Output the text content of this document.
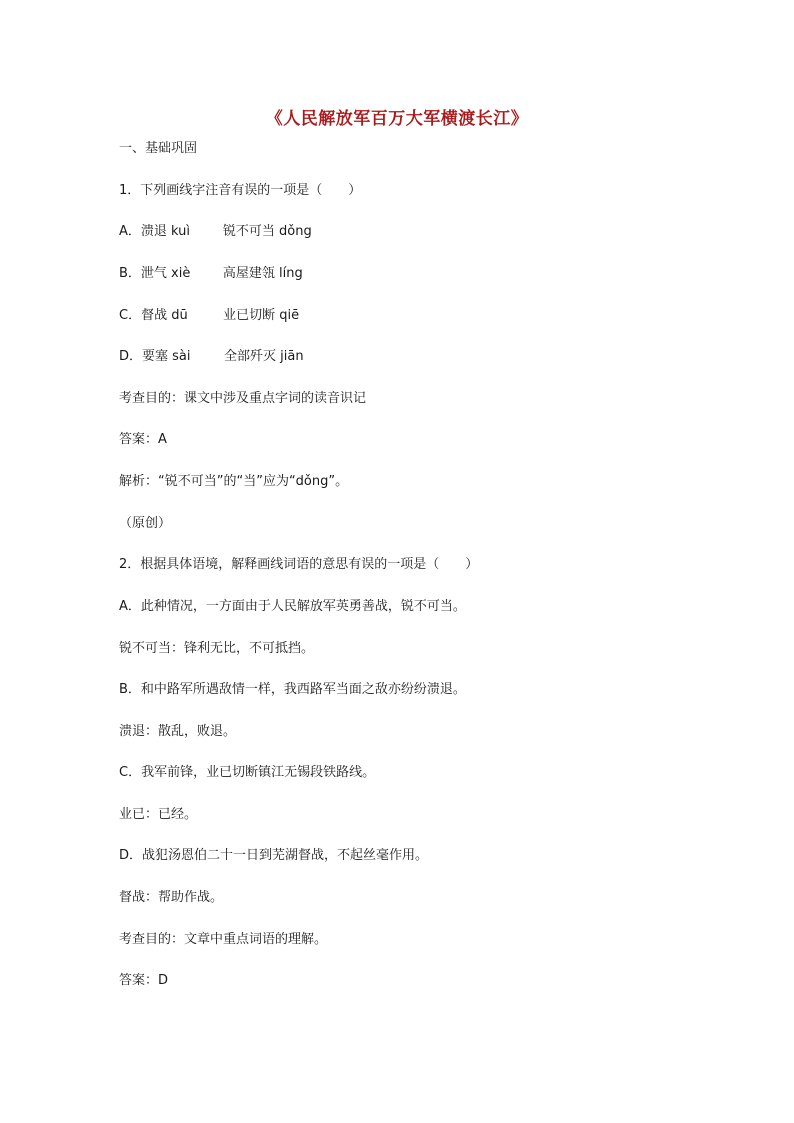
《人民解放军百万大军横渡长江》
一、基础巩固
1．下列画线字注音有误的一项是（　　）
A．溃退 kuì	锐不可当 dǒng
B．泄气 xiè	高屋建瓴 líng
C．督战 dū	业已切断 qiē
D．要塞 sài	全部歼灭 jiān
考查目的：课文中涉及重点字词的读音识记
答案：A
解析：“锐不可当”的“当”应为“dǒng”。
（原创）
2．根据具体语境，解释画线词语的意思有误的一项是（　　）
A．此种情况，一方面由于人民解放军英勇善战，锐不可当。
锐不可当：锋利无比，不可抵挡。
B．和中路军所遇敌情一样，我西路军当面之敌亦纷纷溃退。
溃退：散乱，败退。
C．我军前锋，业已切断镇江无锡段铁路线。
业已：已经。
D．战犯汤恩伯二十一日到芜湖督战，不起丝毫作用。
督战：帮助作战。
考查目的：文章中重点词语的理解。
答案：D
